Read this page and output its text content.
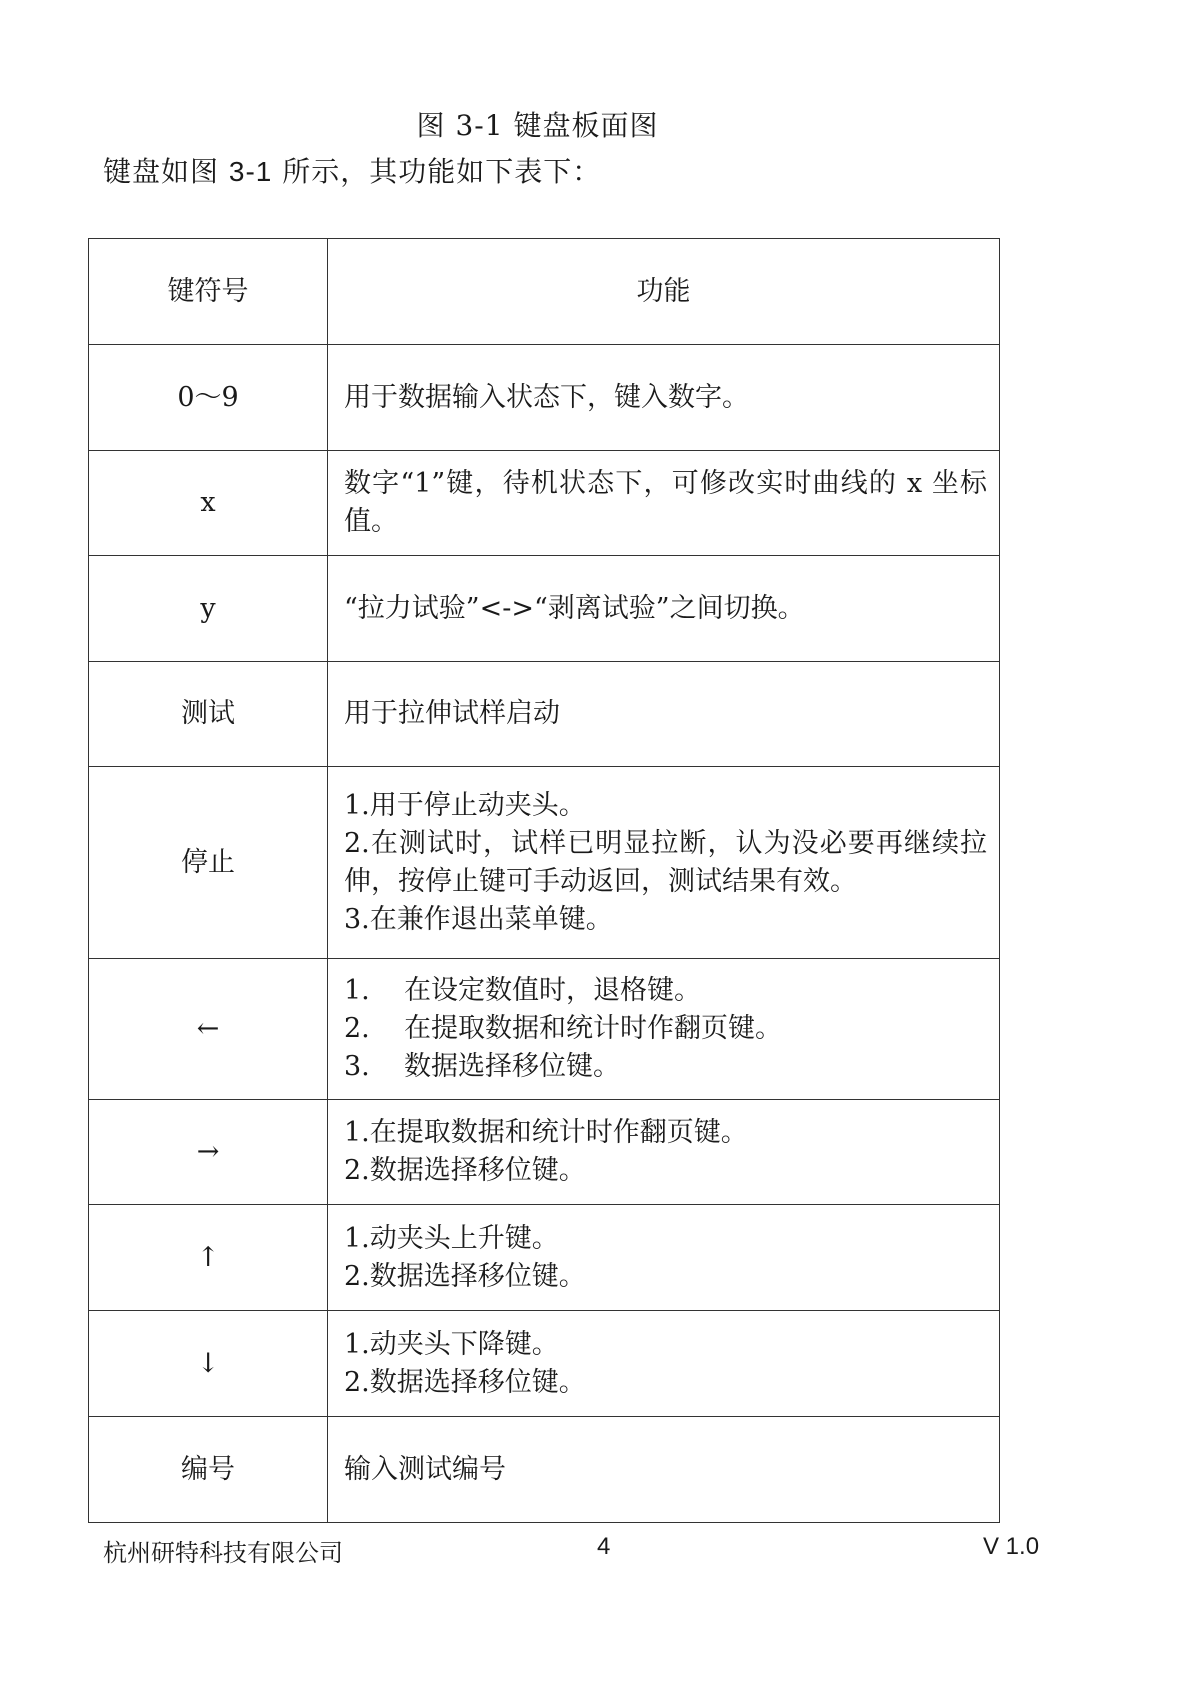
图 3-1 键盘板面图
键盘如图 3-1 所示，其功能如下表下：
键符号	功能
0～9	用于数据输入状态下，键入数字。

x	数字“1”键，待机状态下，可修改实时曲线的 x 坐标值。

y	“拉力试验”<->“剥离试验”之间切换。

测试	用于拉伸试样启动

停止	1.用于停止动夹头。
2.在测试时，试样已明显拉断，认为没必要再继续拉伸，按停止键可手动返回，测试结果有效。
3.在兼作退出菜单键。

←	1. 在设定数值时，退格键。
2. 在提取数据和统计时作翻页键。
3. 数据选择移位键。

→	1.在提取数据和统计时作翻页键。
2.数据选择移位键。

↑	1.动夹头上升键。
2.数据选择移位键。

↓	1.动夹头下降键。
2.数据选择移位键。

编号	输入测试编号
杭州研特科技有限公司	4	V 1.0
